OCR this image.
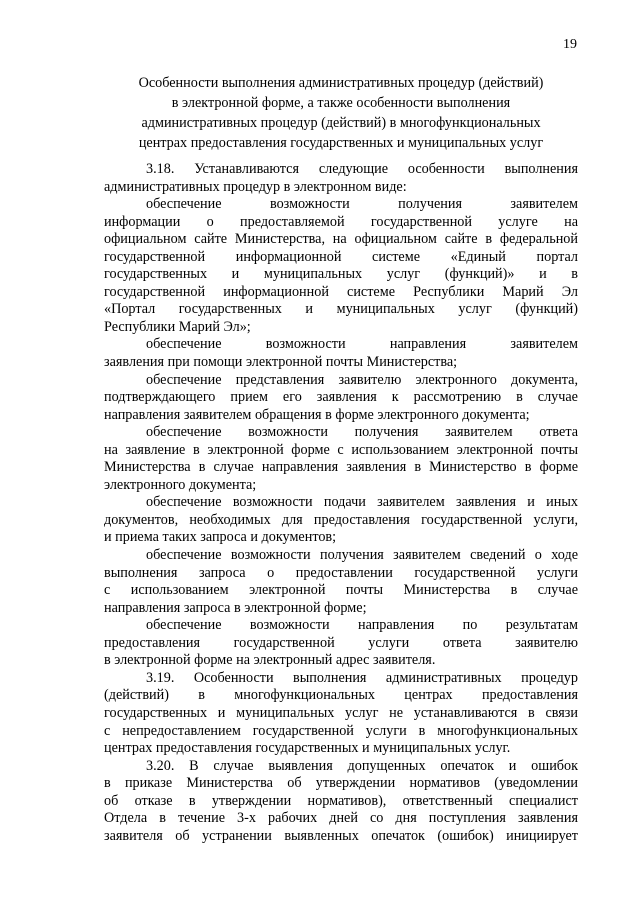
19
Особенности выполнения административных процедур (действий)
в электронной форме, а также особенности выполнения
административных процедур (действий) в многофункциональных
центрах предоставления государственных и муниципальных услуг
3.18. Устанавливаются следующие особенности выполнения
административных процедур в электронном виде:
обеспечение возможности получения заявителем
информации о предоставляемой государственной услуге на
официальном сайте Министерства, на официальном сайте в федеральной
государственной информационной системе «Единый портал
государственных и муниципальных услуг (функций)» и в
государственной информационной системе Республики Марий Эл
«Портал государственных и муниципальных услуг (функций)
Республики Марий Эл»;
обеспечение возможности направления заявителем
заявления при помощи электронной почты Министерства;
обеспечение представления заявителю электронного документа,
подтверждающего прием его заявления к рассмотрению в случае
направления заявителем обращения в форме электронного документа;
обеспечение возможности получения заявителем ответа
на заявление в электронной форме с использованием электронной почты
Министерства в случае направления заявления в Министерство в форме
электронного документа;
обеспечение возможности подачи заявителем заявления и иных
документов, необходимых для предоставления государственной услуги,
и приема таких запроса и документов;
обеспечение возможности получения заявителем сведений о ходе
выполнения запроса о предоставлении государственной услуги
с использованием электронной почты Министерства в случае
направления запроса в электронной форме;
обеспечение возможности направления по результатам
предоставления государственной услуги ответа заявителю
в электронной форме на электронный адрес заявителя.
3.19. Особенности выполнения административных процедур
(действий) в многофункциональных центрах предоставления
государственных и муниципальных услуг не устанавливаются в связи
с непредоставлением государственной услуги в многофункциональных
центрах предоставления государственных и муниципальных услуг.
3.20. В случае выявления допущенных опечаток и ошибок
в приказе Министерства об утверждении нормативов (уведомлении
об отказе в утверждении нормативов), ответственный специалист
Отдела в течение 3-х рабочих дней со дня поступления заявления
заявителя об устранении выявленных опечаток (ошибок) инициирует
